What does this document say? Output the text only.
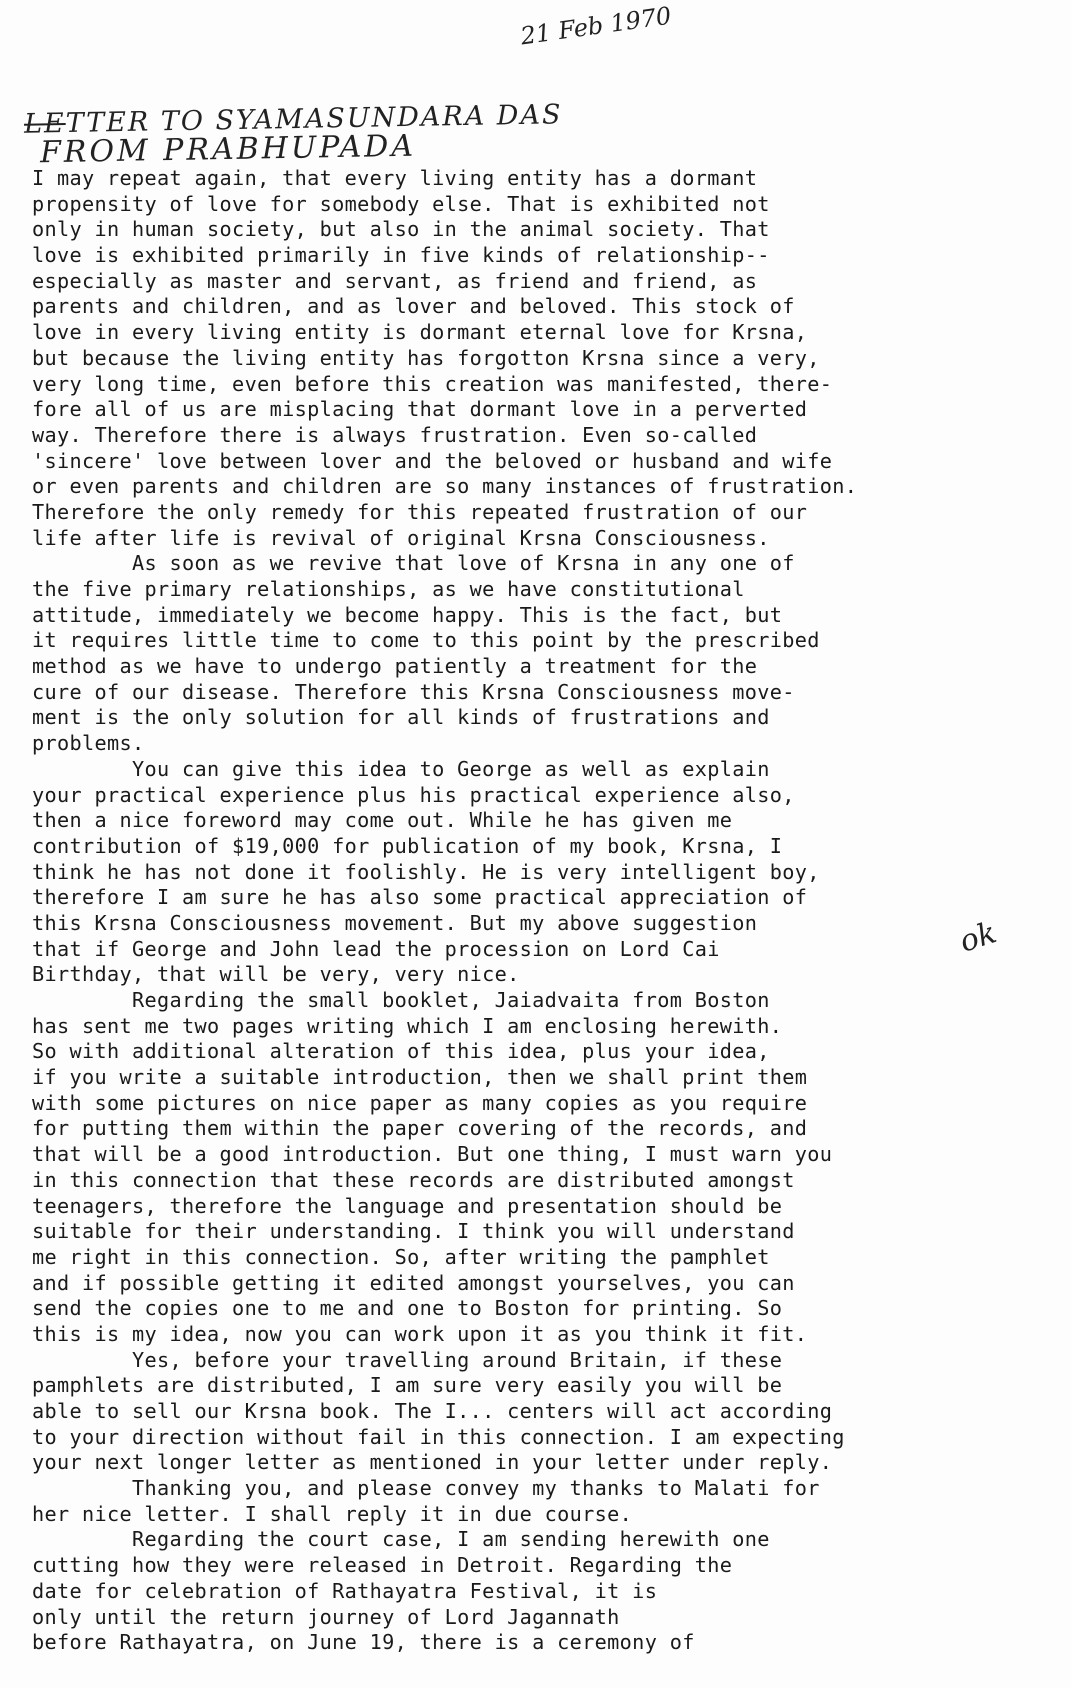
21 Feb 1970
LETTER TO SYAMASUNDARA DAS
FROM PRABHUPADA
ok
I may repeat again, that every living entity has a dormant
propensity of love for somebody else. That is exhibited not
only in human society, but also in the animal society. That
love is exhibited primarily in five kinds of relationship--
especially as master and servant, as friend and friend, as
parents and children, and as lover and beloved. This stock of
love in every living entity is dormant eternal love for Krsna,
but because the living entity has forgotton Krsna since a very,
very long time, even before this creation was manifested, there-
fore all of us are misplacing that dormant love in a perverted
way. Therefore there is always frustration. Even so-called
'sincere' love between lover and the beloved or husband and wife
or even parents and children are so many instances of frustration.
Therefore the only remedy for this repeated frustration of our
life after life is revival of original Krsna Consciousness.
As soon as we revive that love of Krsna in any one of
the five primary relationships, as we have constitutional
attitude, immediately we become happy. This is the fact, but
it requires little time to come to this point by the prescribed
method as we have to undergo patiently a treatment for the
cure of our disease. Therefore this Krsna Consciousness move-
ment is the only solution for all kinds of frustrations and
problems.
You can give this idea to George as well as explain
your practical experience plus his practical experience also,
then a nice foreword may come out. While he has given me
contribution of $19,000 for publication of my book, Krsna, I
think he has not done it foolishly. He is very intelligent boy,
therefore I am sure he has also some practical appreciation of
this Krsna Consciousness movement. But my above suggestion
that if George and John lead the procession on Lord Cai
Birthday, that will be very, very nice.
Regarding the small booklet, Jaiadvaita from Boston
has sent me two pages writing which I am enclosing herewith.
So with additional alteration of this idea, plus your idea,
if you write a suitable introduction, then we shall print them
with some pictures on nice paper as many copies as you require
for putting them within the paper covering of the records, and
that will be a good introduction. But one thing, I must warn you
in this connection that these records are distributed amongst
teenagers, therefore the language and presentation should be
suitable for their understanding. I think you will understand
me right in this connection. So, after writing the pamphlet
and if possible getting it edited amongst yourselves, you can
send the copies one to me and one to Boston for printing. So
this is my idea, now you can work upon it as you think it fit.
Yes, before your travelling around Britain, if these
pamphlets are distributed, I am sure very easily you will be
able to sell our Krsna book. The I... centers will act according
to your direction without fail in this connection. I am expecting
your next longer letter as mentioned in your letter under reply.
Thanking you, and please convey my thanks to Malati for
her nice letter. I shall reply it in due course.
Regarding the court case, I am sending herewith one
cutting how they were released in Detroit. Regarding the
date for celebration of Rathayatra Festival, it is
only until the return journey of Lord Jagannath
before Rathayatra, on June 19, there is a ceremony of
